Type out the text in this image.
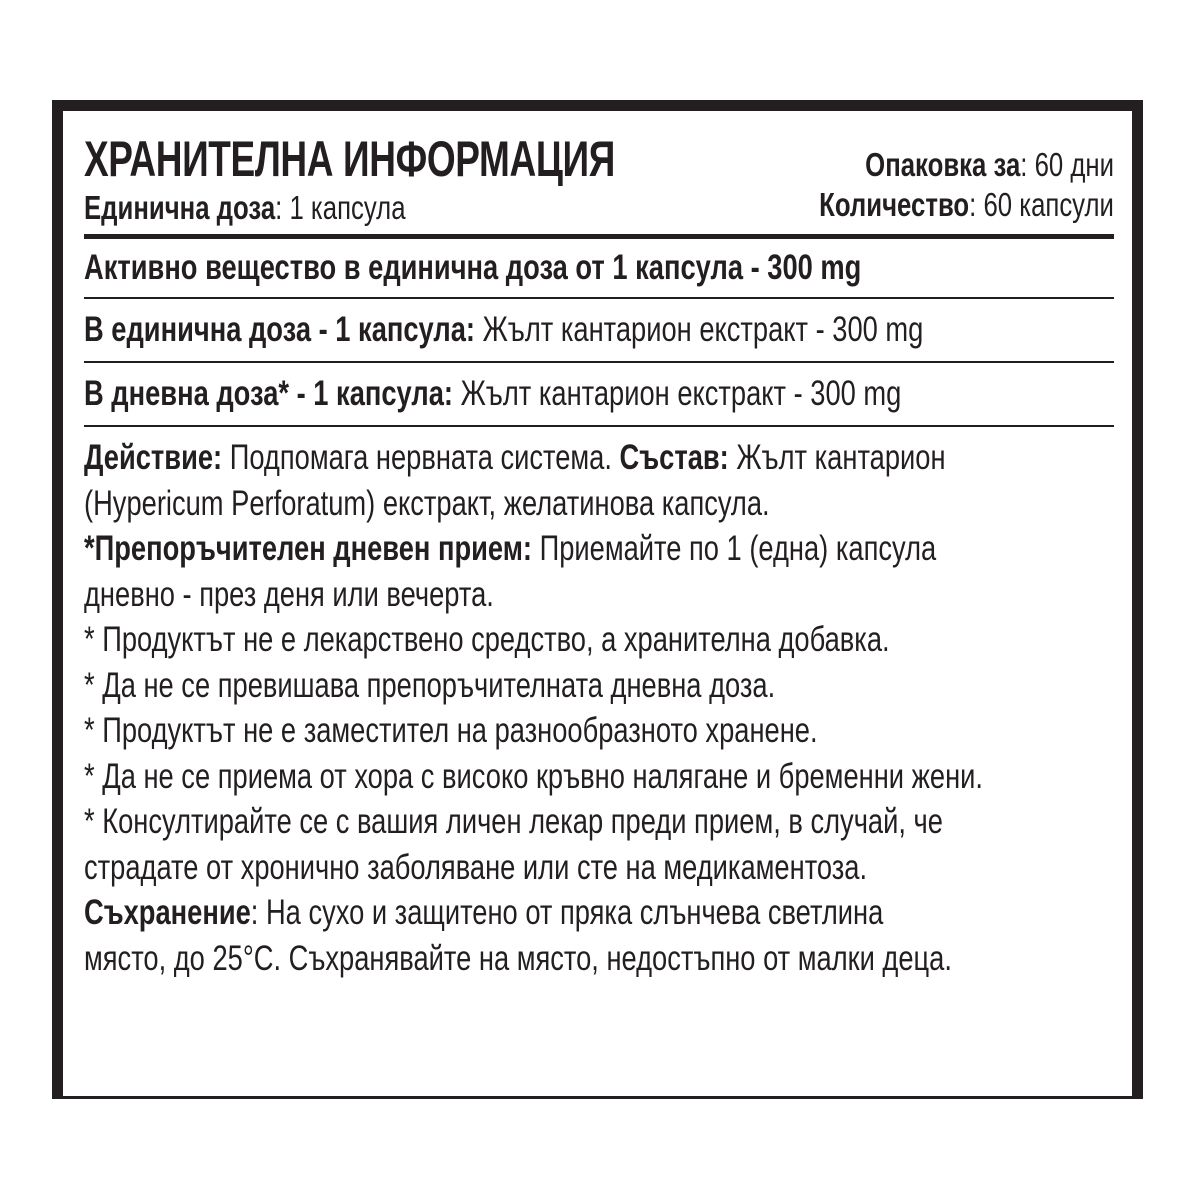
ХРАНИТЕЛНА ИНФОРМАЦИЯ	Опаковка за: 60 дни
Количество: 60 капсули
Единична доза: 1 капсула
Активно вещество в единична доза от 1 капсула - 300 mg
В единична доза - 1 капсула: Жълт кантарион екстракт - 300 mg
В дневна доза* - 1 капсула: Жълт кантарион екстракт - 300 mg
Действие: Подпомага нервната система. Състав: Жълт кантарион
(Hypericum Perforatum) екстракт, желатинова капсула.
*Препоръчителен дневен прием: Приемайте по 1 (една) капсула
дневно - през деня или вечерта.
* Продуктът не е лекарствено средство, а хранителна добавка.
* Да не се превишава препоръчителната дневна доза.
* Продуктът не е заместител на разнообразното хранене.
* Да не се приема от хора с високо кръвно налягане и бременни жени.
* Консултирайте се с вашия личен лекар преди прием, в случай, че
страдате от хронично заболяване или сте на медикаментоза.
Съхранение: На сухо и защитено от пряка слънчева светлина
място, до 25°C. Съхранявайте на място, недостъпно от малки деца.
